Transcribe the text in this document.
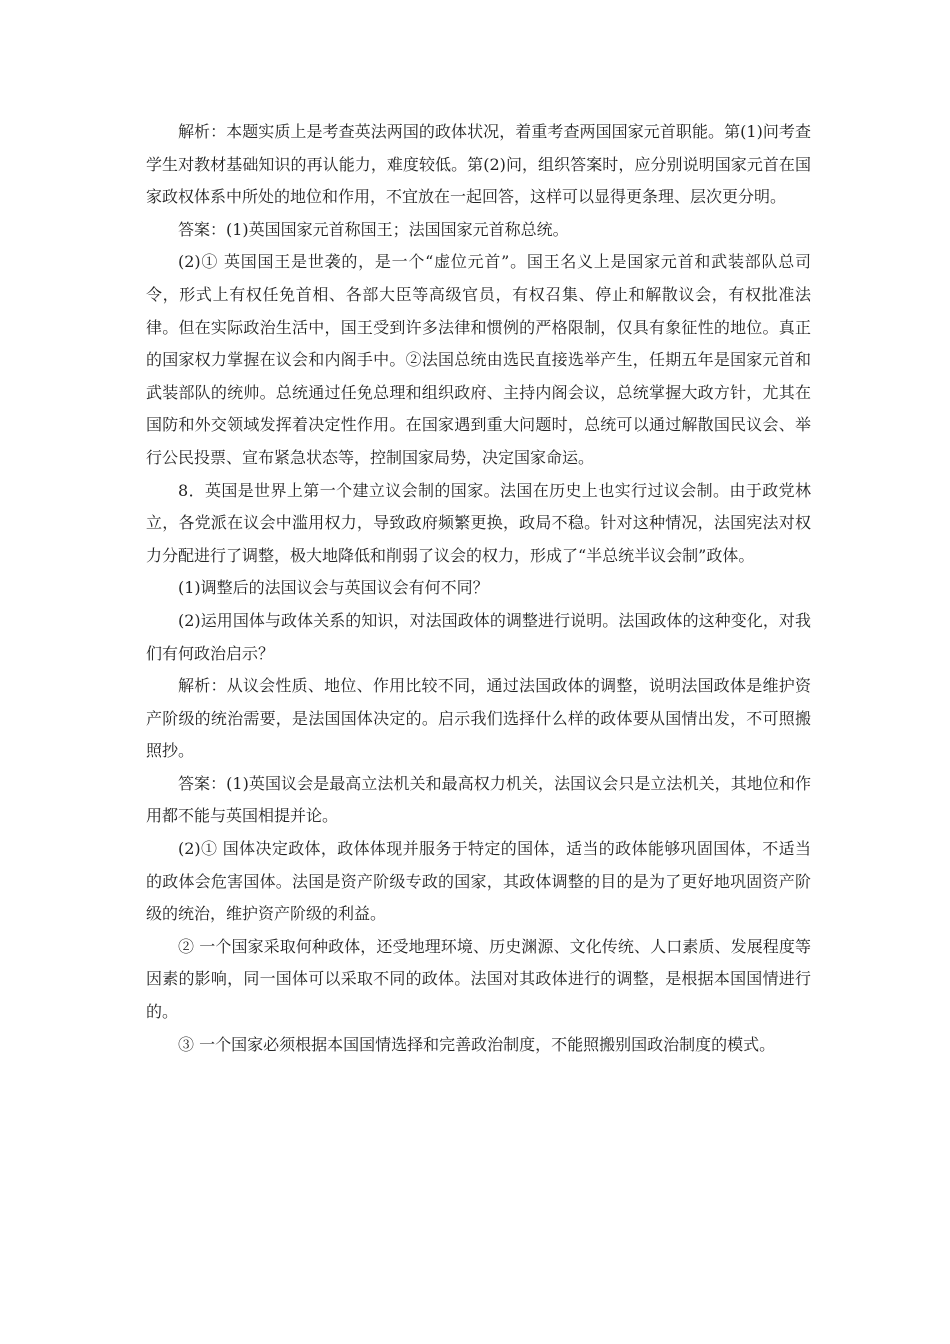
解析：本题实质上是考查英法两国的政体状况，着重考查两国国家元首职能。第(1)问考查学生对教材基础知识的再认能力，难度较低。第(2)问，组织答案时，应分别说明国家元首在国家政权体系中所处的地位和作用，不宜放在一起回答，这样可以显得更条理、层次更分明。

答案：(1)英国国家元首称国王；法国国家元首称总统。

(2)① 英国国王是世袭的，是一个“虚位元首”。国王名义上是国家元首和武装部队总司令，形式上有权任免首相、各部大臣等高级官员，有权召集、停止和解散议会，有权批准法律。但在实际政治生活中，国王受到许多法律和惯例的严格限制，仅具有象征性的地位。真正的国家权力掌握在议会和内阁手中。②法国总统由选民直接选举产生，任期五年是国家元首和武装部队的统帅。总统通过任免总理和组织政府、主持内阁会议，总统掌握大政方针，尤其在国防和外交领域发挥着决定性作用。在国家遇到重大问题时，总统可以通过解散国民议会、举行公民投票、宣布紧急状态等，控制国家局势，决定国家命运。

8．英国是世界上第一个建立议会制的国家。法国在历史上也实行过议会制。由于政党林立，各党派在议会中滥用权力，导致政府频繁更换，政局不稳。针对这种情况，法国宪法对权力分配进行了调整，极大地降低和削弱了议会的权力，形成了“半总统半议会制”政体。

(1)调整后的法国议会与英国议会有何不同？

(2)运用国体与政体关系的知识，对法国政体的调整进行说明。法国政体的这种变化，对我们有何政治启示？

解析：从议会性质、地位、作用比较不同，通过法国政体的调整，说明法国政体是维护资产阶级的统治需要，是法国国体决定的。启示我们选择什么样的政体要从国情出发，不可照搬照抄。

答案：(1)英国议会是最高立法机关和最高权力机关，法国议会只是立法机关，其地位和作用都不能与英国相提并论。

(2)① 国体决定政体，政体体现并服务于特定的国体，适当的政体能够巩固国体，不适当的政体会危害国体。法国是资产阶级专政的国家，其政体调整的目的是为了更好地巩固资产阶级的统治，维护资产阶级的利益。

② 一个国家采取何种政体，还受地理环境、历史渊源、文化传统、人口素质、发展程度等因素的影响，同一国体可以采取不同的政体。法国对其政体进行的调整，是根据本国国情进行的。

③ 一个国家必须根据本国国情选择和完善政治制度，不能照搬别国政治制度的模式。
